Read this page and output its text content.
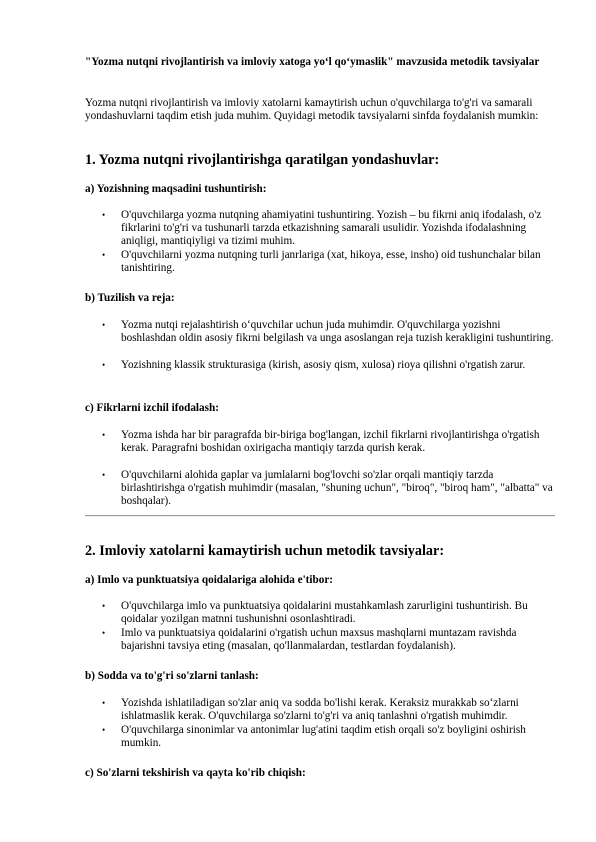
"Yozma nutqni rivojlantirish va imloviy xatoga yo‘l qo‘ymaslik" mavzusida metodik tavsiyalar
Yozma nutqni rivojlantirish va imloviy xatolarni kamaytirish uchun o'quvchilarga to'g'ri va samarali yondashuvlarni taqdim etish juda muhim. Quyidagi metodik tavsiyalarni sinfda foydalanish mumkin:
1. Yozma nutqni rivojlantirishga qaratilgan yondashuvlar:
a) Yozishning maqsadini tushuntirish:
• O'quvchilarga yozma nutqning ahamiyatini tushuntiring. Yozish – bu fikrni aniq ifodalash, o'z fikrlarini to'g'ri va tushunarli tarzda etkazishning samarali usulidir. Yozishda ifodalashning aniqligi, mantiqiyligi va tizimi muhim.
• O'quvchilarni yozma nutqning turli janrlariga (xat, hikoya, esse, insho) oid tushunchalar bilan tanishtiring.
b) Tuzilish va reja:
• Yozma nutqi rejalashtirish o‘quvchilar uchun juda muhimdir. O'quvchilarga yozishni boshlashdan oldin asosiy fikrni belgilash va unga asoslangan reja tuzish kerakligini tushuntiring.
• Yozishning klassik strukturasiga (kirish, asosiy qism, xulosa) rioya qilishni o'rgatish zarur.
c) Fikrlarni izchil ifodalash:
• Yozma ishda har bir paragrafda bir-biriga bog'langan, izchil fikrlarni rivojlantirishga o'rgatish kerak. Paragrafni boshidan oxirigacha mantiqiy tarzda qurish kerak.
• O'quvchilarni alohida gaplar va jumlalarni bog'lovchi so'zlar orqali mantiqiy tarzda birlashtirishga o'rgatish muhimdir (masalan, "shuning uchun", "biroq", "biroq ham", "albatta" va boshqalar).
2. Imloviy xatolarni kamaytirish uchun metodik tavsiyalar:
a) Imlo va punktuatsiya qoidalariga alohida e'tibor:
• O'quvchilarga imlo va punktuatsiya qoidalarini mustahkamlash zarurligini tushuntirish. Bu qoidalar yozilgan matnni tushunishni osonlashtiradi.
• Imlo va punktuatsiya qoidalarini o'rgatish uchun maxsus mashqlarni muntazam ravishda bajarishni tavsiya eting (masalan, qo'llanmalardan, testlardan foydalanish).
b) Sodda va to'g'ri so'zlarni tanlash:
• Yozishda ishlatiladigan so'zlar aniq va sodda bo'lishi kerak. Keraksiz murakkab so‘zlarni ishlatmaslik kerak. O'quvchilarga so'zlarni to'g'ri va aniq tanlashni o'rgatish muhimdir.
• O'quvchilarga sinonimlar va antonimlar lug'atini taqdim etish orqali so'z boyligini oshirish mumkin.
c) So'zlarni tekshirish va qayta ko'rib chiqish:
